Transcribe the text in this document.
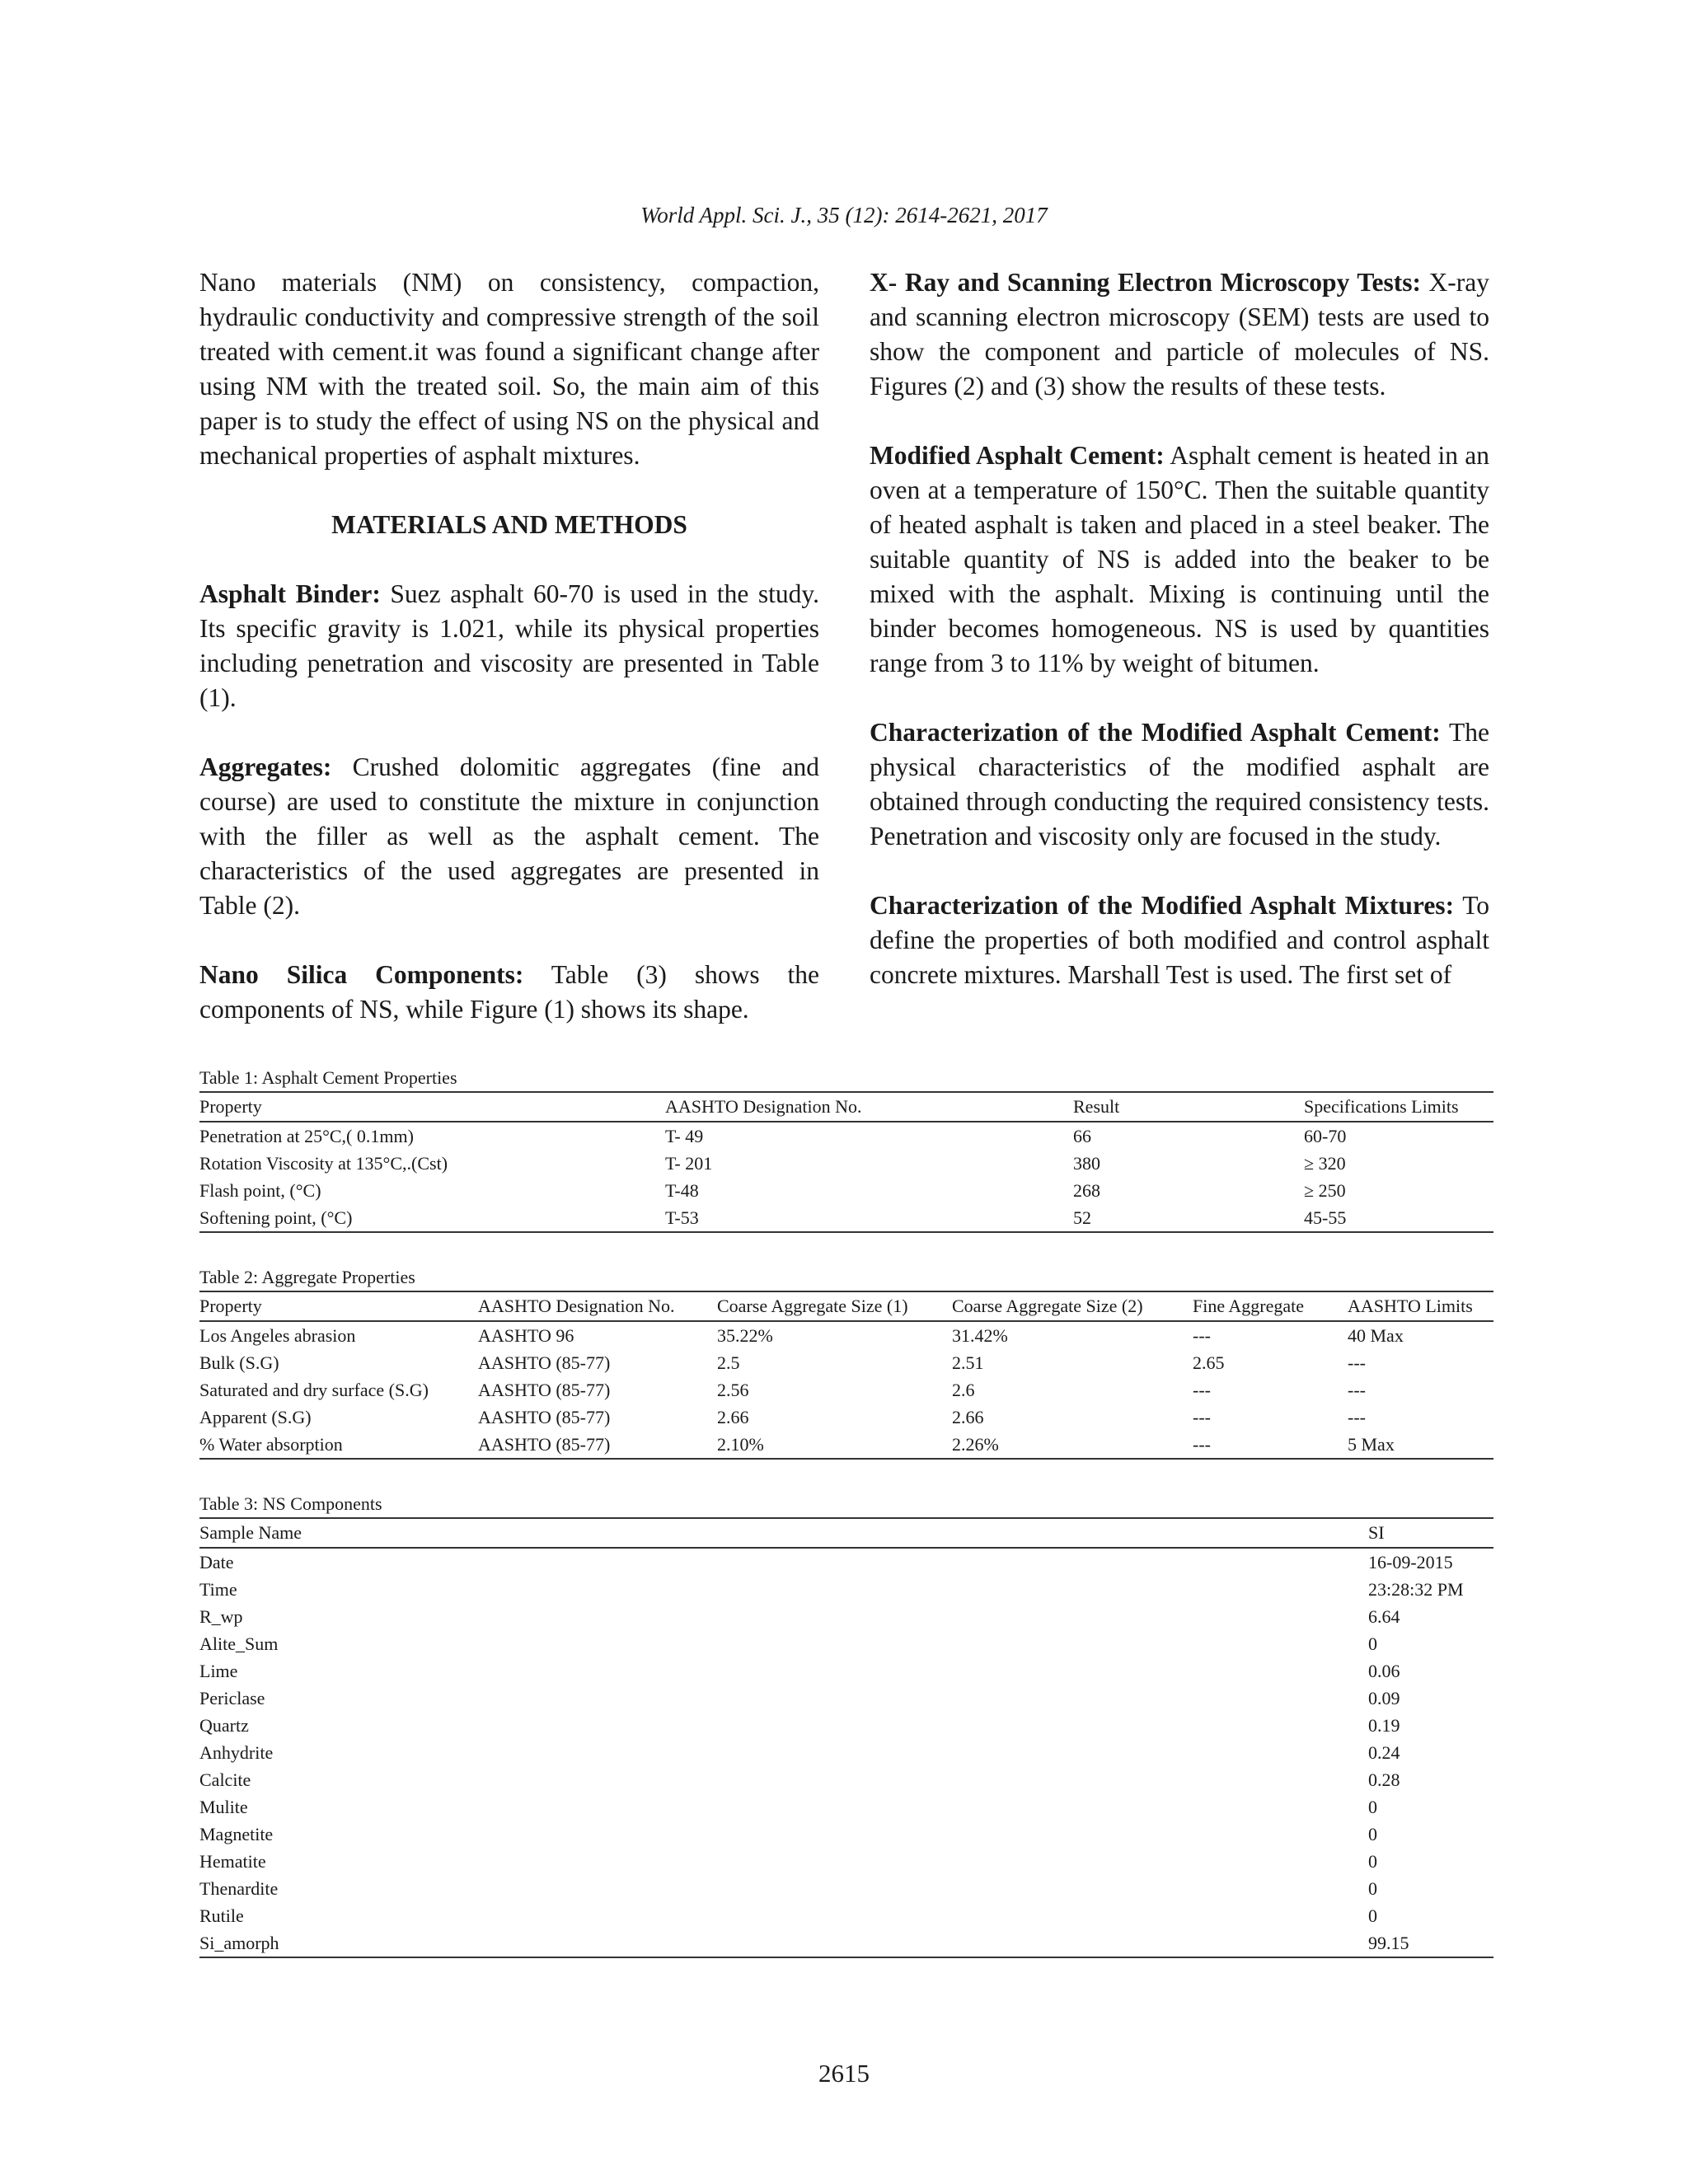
World Appl. Sci. J., 35 (12): 2614-2621, 2017

Nano materials (NM) on consistency, compaction, hydraulic conductivity and compressive strength of the soil treated with cement.it was found a significant change after using NM with the treated soil. So, the main aim of this paper is to study the effect of using NS on the physical and mechanical properties of asphalt mixtures.

MATERIALS AND METHODS

Asphalt Binder: Suez asphalt 60-70 is used in the study. Its specific gravity is 1.021, while its physical properties including penetration and viscosity are presented in Table (1).

Aggregates: Crushed dolomitic aggregates (fine and course) are used to constitute the mixture in conjunction with the filler as well as the asphalt cement. The characteristics of the used aggregates are presented in Table (2).

Nano Silica Components: Table (3) shows the components of NS, while Figure (1) shows its shape.

X- Ray and Scanning Electron Microscopy Tests: X-ray and scanning electron microscopy (SEM) tests are used to show the component and particle of molecules of NS. Figures (2) and (3) show the results of these tests.

Modified Asphalt Cement: Asphalt cement is heated in an oven at a temperature of 150°C. Then the suitable quantity of heated asphalt is taken and placed in a steel beaker. The suitable quantity of NS is added into the beaker to be mixed with the asphalt. Mixing is continuing until the binder becomes homogeneous. NS is used by quantities range from 3 to 11% by weight of bitumen.

Characterization of the Modified Asphalt Cement: The physical characteristics of the modified asphalt are obtained through conducting the required consistency tests. Penetration and viscosity only are focused in the study.

Characterization of the Modified Asphalt Mixtures: To define the properties of both modified and control asphalt concrete mixtures. Marshall Test is used. The first set of

Table 1: Asphalt Cement Properties
Property	AASHTO Designation No.	Result	Specifications Limits
Penetration at 25°C,( 0.1mm)	T- 49	66	60-70
Rotation Viscosity at 135°C,.(Cst)	T- 201	380	≥ 320
Flash point, (°C)	T-48	268	≥ 250
Softening point, (°C)	T-53	52	45-55
Table 2: Aggregate Properties
Property	AASHTO Designation No.	Coarse Aggregate Size (1)	Coarse Aggregate Size (2)	Fine Aggregate	AASHTO Limits
Los Angeles abrasion	AASHTO 96	35.22%	31.42%	---	40 Max
Bulk (S.G)	AASHTO (85-77)	2.5	2.51	2.65	---
Saturated and dry surface (S.G)	AASHTO (85-77)	2.56	2.6	---	---
Apparent (S.G)	AASHTO (85-77)	2.66	2.66	---	---
% Water absorption	AASHTO (85-77)	2.10%	2.26%	---	5 Max
Table 3: NS Components
Sample Name	SI
Date	16-09-2015
Time	23:28:32 PM
R_wp	6.64
Alite_Sum	0
Lime	0.06
Periclase	0.09
Quartz	0.19
Anhydrite	0.24
Calcite	0.28
Mulite	0
Magnetite	0
Hematite	0
Thenardite	0
Rutile	0
Si_amorph	99.15
2615
